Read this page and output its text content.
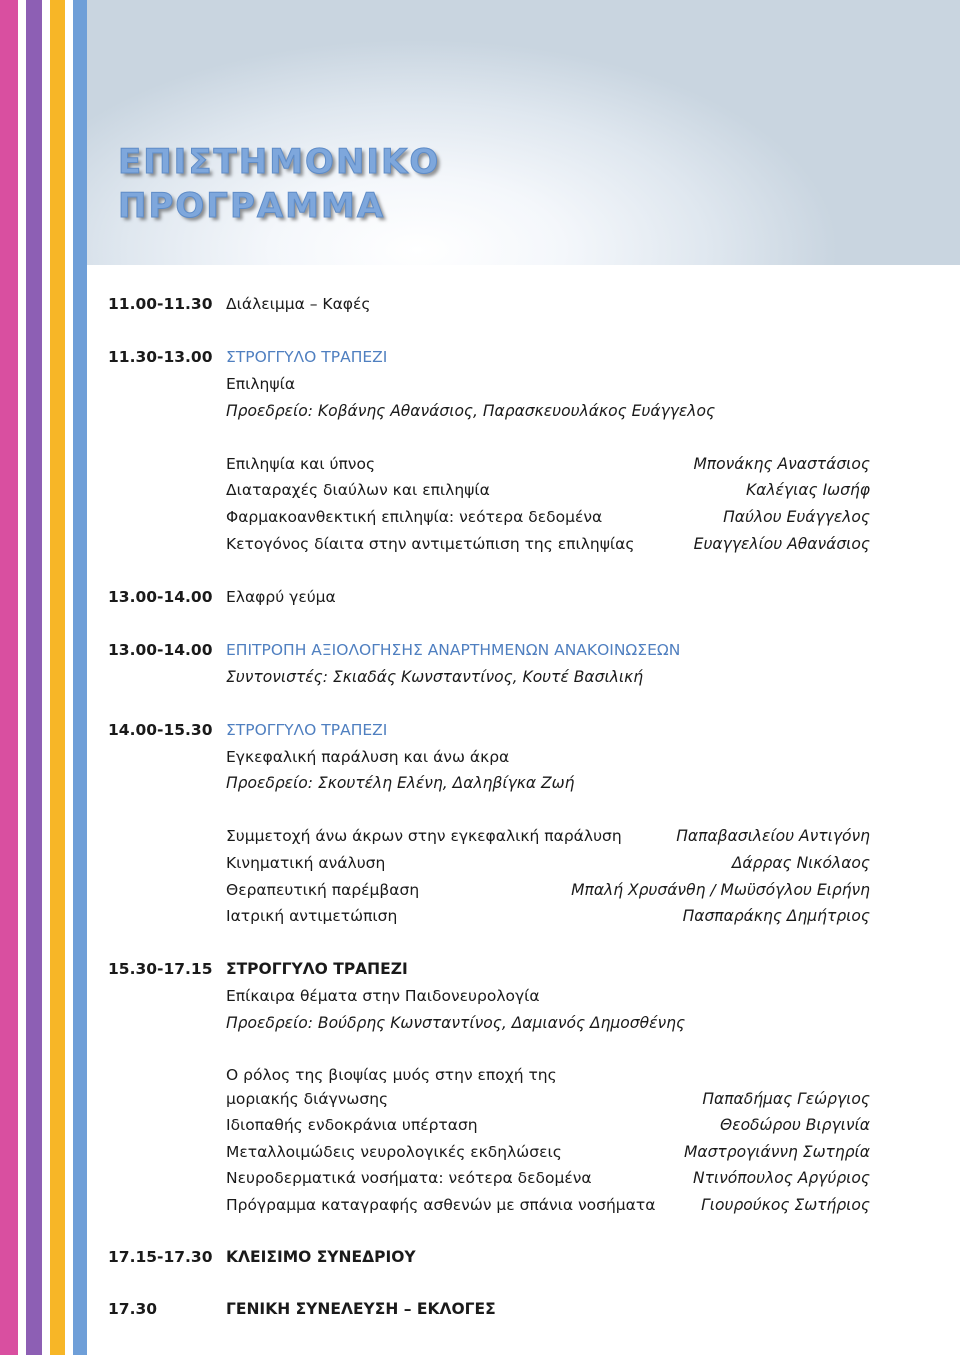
ΕΠΙΣΤΗΜΟΝΙΚΟ
ΠΡΟΓΡΑΜΜΑ
11.00-11.30 Διάλειμμα – Καφές
11.30-13.00 ΣΤΡΟΓΓΥΛΟ ΤΡΑΠΕΖΙ
Επιληψία
Προεδρείο: Κοβάνης Αθανάσιος, Παρασκευουλάκος Ευάγγελος
Επιληψία και ύπνος	Μπονάκης Αναστάσιος
Διαταραχές διαύλων και επιληψία	Καλέγιας Ιωσήφ
Φαρμακοανθεκτική επιληψία: νεότερα δεδομένα	Παύλου Ευάγγελος
Κετογόνος δίαιτα στην αντιμετώπιση της επιληψίας	Ευαγγελίου Αθανάσιος
13.00-14.00 Ελαφρύ γεύμα
13.00-14.00 ΕΠΙΤΡΟΠΗ ΑΞΙΟΛΟΓΗΣΗΣ ΑΝΑΡΤΗΜΕΝΩΝ ΑΝΑΚΟΙΝΩΣΕΩΝ
Συντονιστές: Σκιαδάς Κωνσταντίνος, Κουτέ Βασιλική
14.00-15.30 ΣΤΡΟΓΓΥΛΟ ΤΡΑΠΕΖΙ
Εγκεφαλική παράλυση και άνω άκρα
Προεδρείο: Σκουτέλη Ελένη, Δαληβίγκα Ζωή
Συμμετοχή άνω άκρων στην εγκεφαλική παράλυση	Παπαβασιλείου Αντιγόνη
Κινηματική ανάλυση	Δάρρας Νικόλαος
Θεραπευτική παρέμβαση	Μπαλή Χρυσάνθη / Μωϋσόγλου Ειρήνη
Ιατρική αντιμετώπιση	Πασπαράκης Δημήτριος
15.30-17.15 ΣΤΡΟΓΓΥΛΟ ΤΡΑΠΕΖΙ
Επίκαιρα θέματα στην Παιδονευρολογία
Προεδρείο: Βούδρης Κωνσταντίνος, Δαμιανός Δημοσθένης
Ο ρόλος της βιοψίας μυός στην εποχή της
μοριακής διάγνωσης	Παπαδήμας Γεώργιος
Ιδιοπαθής ενδοκράνια υπέρταση	Θεοδώρου Βιργινία
Μεταλλοιμώδεις νευρολογικές εκδηλώσεις	Μαστρογιάννη Σωτηρία
Νευροδερματικά νοσήματα: νεότερα δεδομένα	Ντινόπουλος Αργύριος
Πρόγραμμα καταγραφής ασθενών με σπάνια νοσήματα	Γιουρούκος Σωτήριος
17.15-17.30 ΚΛΕΙΣΙΜΟ ΣΥΝΕΔΡΙΟΥ
17.30	ΓΕΝΙΚΗ ΣΥΝΕΛΕΥΣΗ – ΕΚΛΟΓΕΣ
